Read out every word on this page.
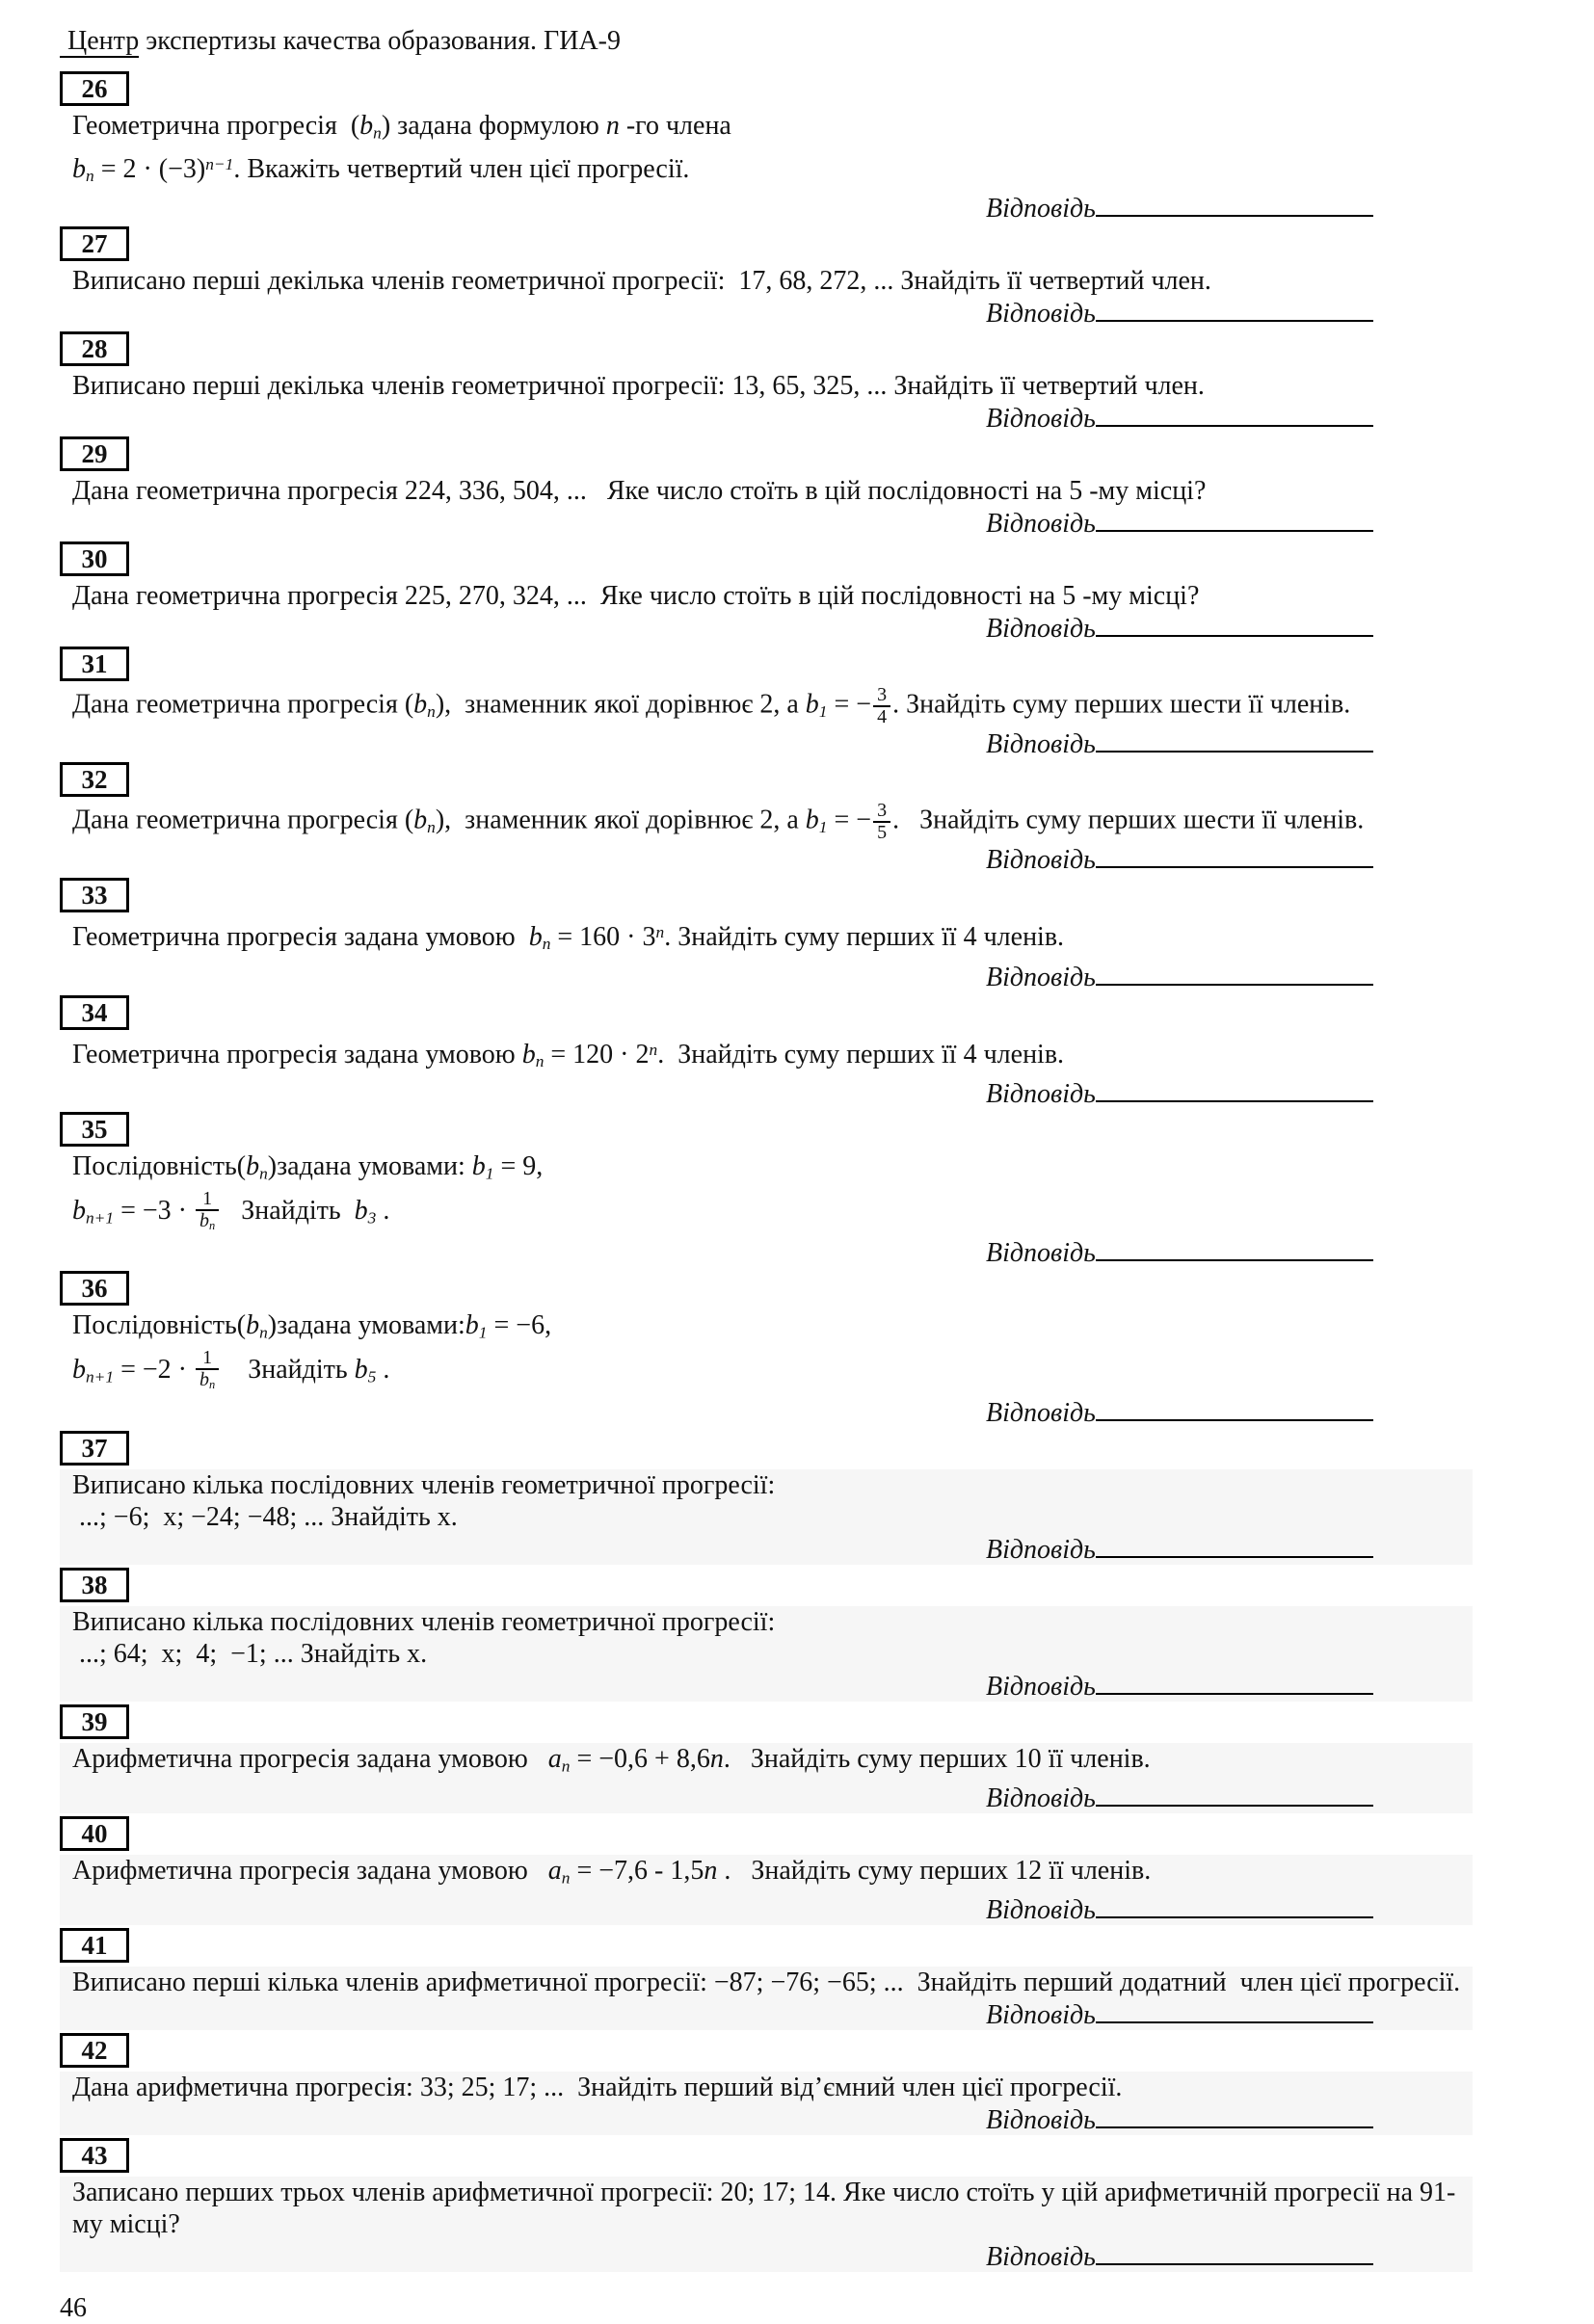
Центр экспертизы качества образования. ГИА-9
26
Геометрична прогресія  $(b_n)$ задана формулою n -го члена
$b_n = 2 \cdot (-3)^{n-1}$. Вкажіть четвертий член цієї прогресії.
Відповідь
27
Виписано перші декілька членів геометричної прогресії:  17, 68, 272, ... Знайдіть її четвертий член.
Відповідь
28
Виписано перші декілька членів геометричної прогресії: 13, 65, 325, ... Знайдіть її четвертий член.
Відповідь
29
Дана геометрична прогресія 224, 336, 504, ...   Яке число стоїть в цій послідовності на 5 -му місці?
Відповідь
30
Дана геометрична прогресія 225, 270, 324, ...  Яке число стоїть в цій послідовності на 5 -му місці?
Відповідь
31
Дана геометрична прогресія $(b_n)$,  знаменник якої дорівнює 2, а $b_1$ = − $\frac{3}{4}$ . Знайдіть суму перших шести її членів.
Відповідь
32
Дана геометрична прогресія $(b_n)$,  знаменник якої дорівнює 2, а $b_1$ = − $\frac{3}{5}$ .   Знайдіть суму перших шести її членів.
Відповідь
33
Геометрична прогресія задана умовою  $b_n = 160 \cdot 3^n$. Знайдіть суму перших її 4 членів.
Відповідь
34
Геометрична прогресія задана умовою $b_n = 120 \cdot 2^n$.  Знайдіть суму перших її 4 членів.
Відповідь
35
$Послідовність(b_n)задана$ умовами: $b_1 = 9$,
$b_{n+1} = -3 \cdot \frac{1}{b_n}$ Знайдіть  $b_3$ .
Відповідь
36
$Послідовність(b_n)задана$ $умовами:b_1 = -6$,
$b_{n+1} = -2 \cdot \frac{1}{b_n}$ Знайдіть $b_5$ .
Відповідь
37
Виписано кілька послідовних членів геометричної прогресії:
...; −6;  x; −24; −48; ... Знайдіть x.
Відповідь
38
Виписано кілька послідовних членів геометричної прогресії:
...; 64;  x;  4;  −1; ... Знайдіть x.
Відповідь
39
Арифметична прогресія задана умовою   $a_n = -0,6 + 8,6n$.   Знайдіть суму перших 10 її членів.
Відповідь
40
Арифметична прогресія задана умовою   $a_n = -7,6 - 1,5n$ .   Знайдіть суму перших 12 її членів.
Відповідь
41
Виписано перші кілька членів арифметичної прогресії: −87; −76; −65; ...  Знайдіть перший додатний  член цієї прогресії.
Відповідь
42
Дана арифметична прогресія: 33; 25; 17; ...  Знайдіть перший від’ємний член цієї прогресії.
Відповідь
43
Записано перших трьох членів арифметичної прогресії: 20; 17; 14. Яке число стоїть у цій арифметичній прогресії на 91-
му місці?
Відповідь
46
